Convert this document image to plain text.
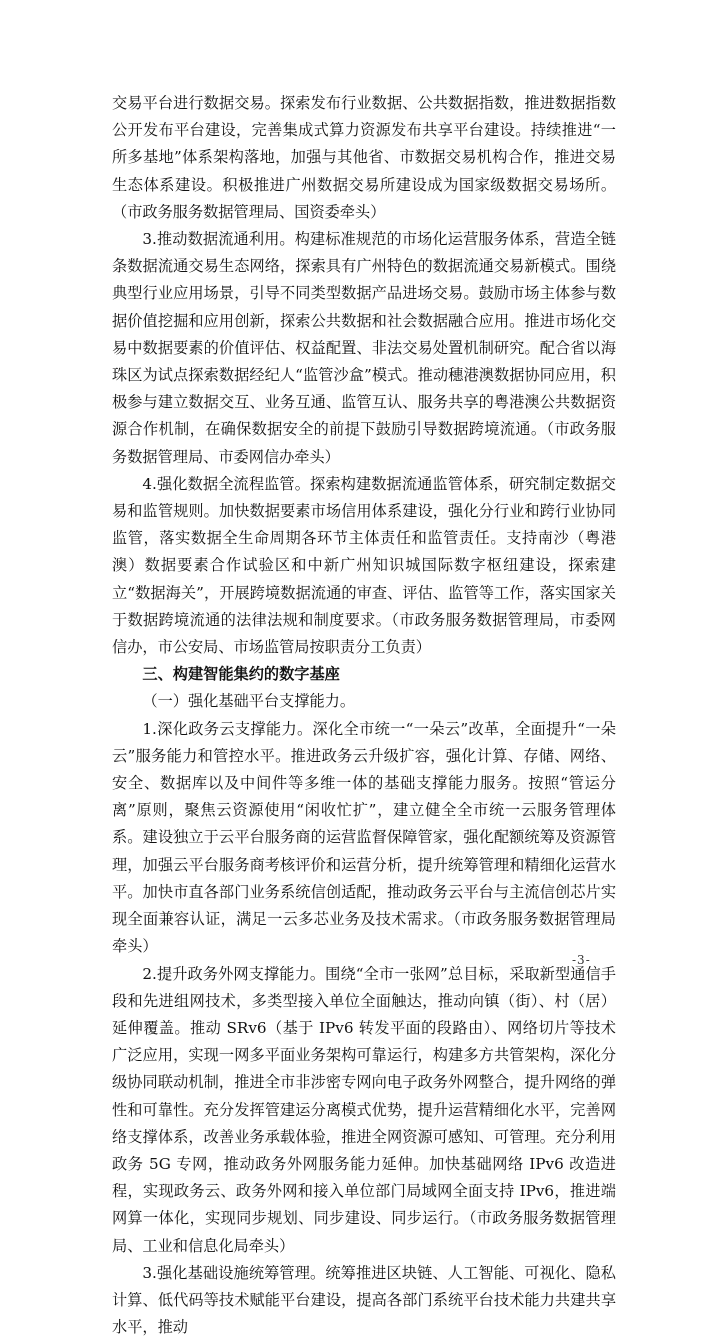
交易平台进行数据交易。探索发布行业数据、公共数据指数，推进数据指数公开发布平台建设，完善集成式算力资源发布共享平台建设。持续推进“一所多基地”体系架构落地，加强与其他省、市数据交易机构合作，推进交易生态体系建设。积极推进广州数据交易所建设成为国家级数据交易场所。（市政务服务数据管理局、国资委牵头）

3.推动数据流通利用。构建标准规范的市场化运营服务体系，营造全链条数据流通交易生态网络，探索具有广州特色的数据流通交易新模式。围绕典型行业应用场景，引导不同类型数据产品进场交易。鼓励市场主体参与数据价值挖掘和应用创新，探索公共数据和社会数据融合应用。推进市场化交易中数据要素的价值评估、权益配置、非法交易处置机制研究。配合省以海珠区为试点探索数据经纪人“监管沙盒”模式。推动穗港澳数据协同应用，积极参与建立数据交互、业务互通、监管互认、服务共享的粤港澳公共数据资源合作机制，在确保数据安全的前提下鼓励引导数据跨境流通。（市政务服务数据管理局、市委网信办牵头）

4.强化数据全流程监管。探索构建数据流通监管体系，研究制定数据交易和监管规则。加快数据要素市场信用体系建设，强化分行业和跨行业协同监管，落实数据全生命周期各环节主体责任和监管责任。支持南沙（粤港澳）数据要素合作试验区和中新广州知识城国际数字枢纽建设，探索建立“数据海关”，开展跨境数据流通的审查、评估、监管等工作，落实国家关于数据跨境流通的法律法规和制度要求。（市政务服务数据管理局，市委网信办，市公安局、市场监管局按职责分工负责）

三、构建智能集约的数字基座

（一）强化基础平台支撑能力。

1.深化政务云支撑能力。深化全市统一“一朵云”改革，全面提升“一朵云”服务能力和管控水平。推进政务云升级扩容，强化计算、存储、网络、安全、数据库以及中间件等多维一体的基础支撑能力服务。按照“管运分离”原则，聚焦云资源使用“闲收忙扩”，建立健全全市统一云服务管理体系。建设独立于云平台服务商的运营监督保障管家，强化配额统筹及资源管理，加强云平台服务商考核评价和运营分析，提升统筹管理和精细化运营水平。加快市直各部门业务系统信创适配，推动政务云平台与主流信创芯片实现全面兼容认证，满足一云多芯业务及技术需求。（市政务服务数据管理局牵头）

2.提升政务外网支撑能力。围绕“全市一张网”总目标，采取新型通信手段和先进组网技术，多类型接入单位全面触达，推动向镇（街）、村（居）延伸覆盖。推动 SRv6（基于 IPv6 转发平面的段路由）、网络切片等技术广泛应用，实现一网多平面业务架构可靠运行，构建多方共管架构，深化分级协同联动机制，推进全市非涉密专网向电子政务外网整合，提升网络的弹性和可靠性。充分发挥管建运分离模式优势，提升运营精细化水平，完善网络支撑体系，改善业务承载体验，推进全网资源可感知、可管理。充分利用政务 5G 专网，推动政务外网服务能力延伸。加快基础网络 IPv6 改造进程，实现政务云、政务外网和接入单位部门局域网全面支持 IPv6，推进端网算一体化，实现同步规划、同步建设、同步运行。（市政务服务数据管理局、工业和信息化局牵头）

3.强化基础设施统筹管理。统筹推进区块链、人工智能、可视化、隐私计算、低代码等技术赋能平台建设，提高各部门系统平台技术能力共建共享水平，推动

-3-
